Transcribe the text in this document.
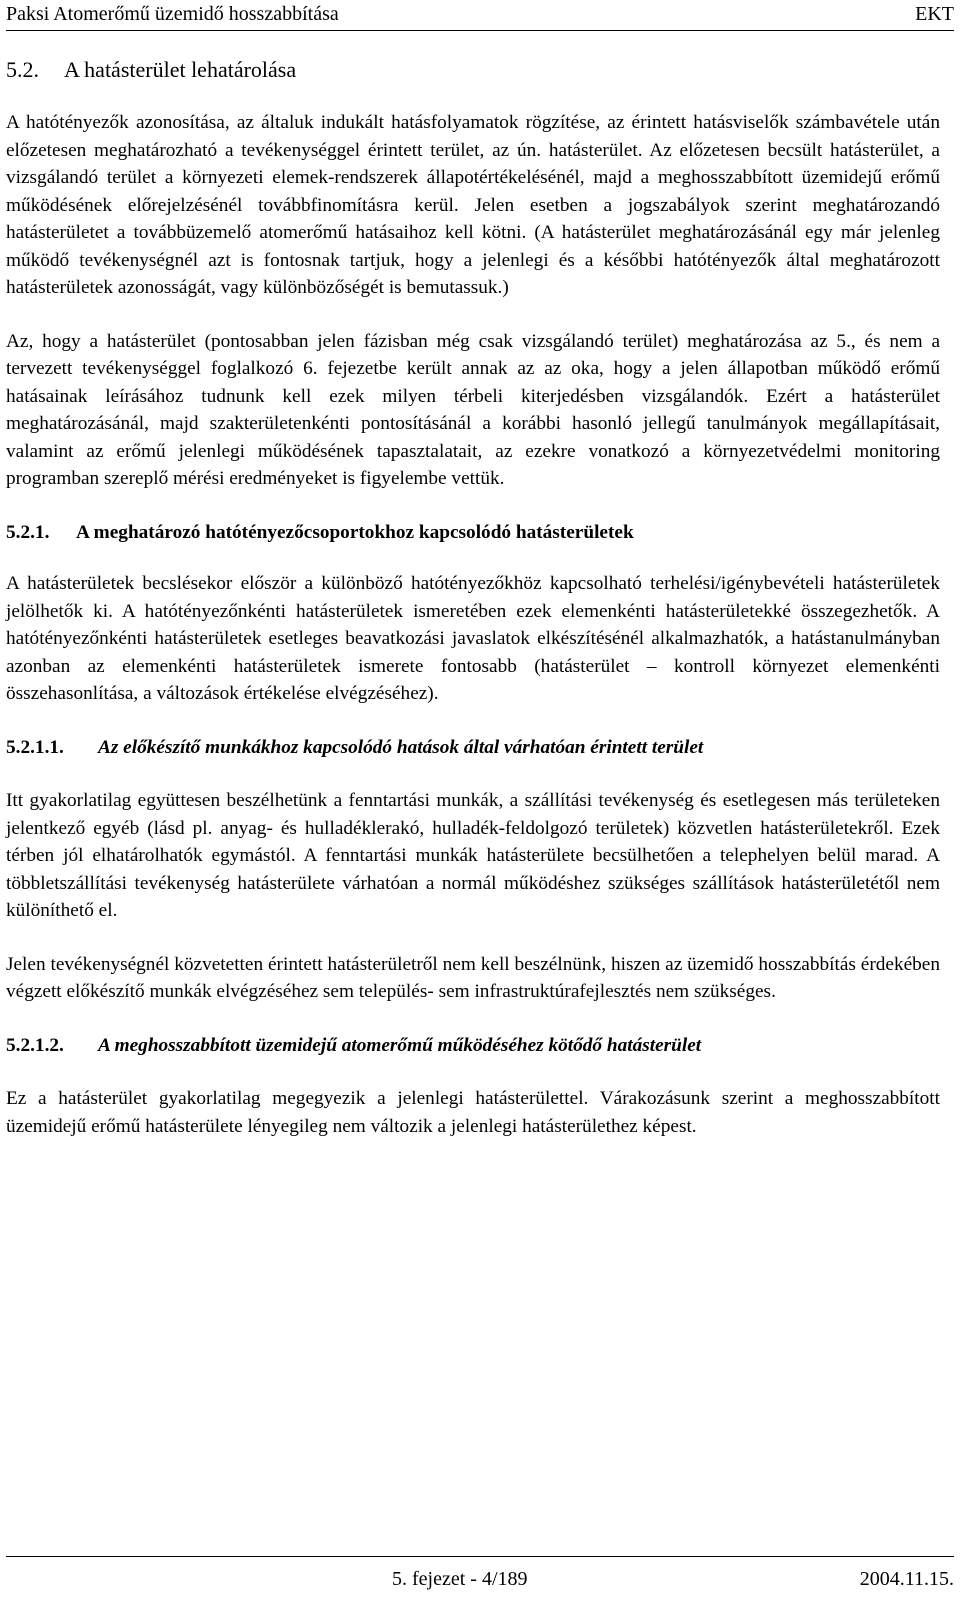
Paksi Atomerőmű üzemidő hosszabbítása	EKT
5.2. A hatásterület lehatárolása

A hatótényezők azonosítása, az általuk indukált hatásfolyamatok rögzítése, az érintett hatásviselők számbavétele után előzetesen meghatározható a tevékenységgel érintett terület, az ún. hatásterület. Az előzetesen becsült hatásterület, a vizsgálandó terület a környezeti elemek-rendszerek állapotértékelésénél, majd a meghosszabbított üzemidejű erőmű működésének előrejelzésénél továbbfinomításra kerül. Jelen esetben a jogszabályok szerint meghatározandó hatásterületet a továbbüzemelő atomerőmű hatásaihoz kell kötni. (A hatásterület meghatározásánál egy már jelenleg működő tevékenységnél azt is fontosnak tartjuk, hogy a jelenlegi és a későbbi hatótényezők által meghatározott hatásterületek azonosságát, vagy különbözőségét is bemutassuk.)

Az, hogy a hatásterület (pontosabban jelen fázisban még csak vizsgálandó terület) meghatározása az 5., és nem a tervezett tevékenységgel foglalkozó 6. fejezetbe került annak az az oka, hogy a jelen állapotban működő erőmű hatásainak leírásához tudnunk kell ezek milyen térbeli kiterjedésben vizsgálandók. Ezért a hatásterület meghatározásánál, majd szakterületenkénti pontosításánál a korábbi hasonló jellegű tanulmányok megállapításait, valamint az erőmű jelenlegi működésének tapasztalatait, az ezekre vonatkozó a környezetvédelmi monitoring programban szereplő mérési eredményeket is figyelembe vettük.

5.2.1. A meghatározó hatótényezőcsoportokhoz kapcsolódó hatásterületek

A hatásterületek becslésekor először a különböző hatótényezőkhöz kapcsolható terhelési/igénybevételi hatásterületek jelölhetők ki. A hatótényezőnkénti hatásterületek ismeretében ezek elemenkénti hatásterületekké összegezhetők. A hatótényezőnkénti hatásterületek esetleges beavatkozási javaslatok elkészítésénél alkalmazhatók, a hatástanulmányban azonban az elemenkénti hatásterületek ismerete fontosabb (hatásterület – kontroll környezet elemenkénti összehasonlítása, a változások értékelése elvégzéséhez).

5.2.1.1. Az előkészítő munkákhoz kapcsolódó hatások által várhatóan érintett terület

Itt gyakorlatilag együttesen beszélhetünk a fenntartási munkák, a szállítási tevékenység és esetlegesen más területeken jelentkező egyéb (lásd pl. anyag- és hulladéklerakó, hulladék-feldolgozó területek) közvetlen hatásterületekről. Ezek térben jól elhatárolhatók egymástól. A fenntartási munkák hatásterülete becsülhetően a telephelyen belül marad. A többletszállítási tevékenység hatásterülete várhatóan a normál működéshez szükséges szállítások hatásterületétől nem különíthető el.

Jelen tevékenységnél közvetetten érintett hatásterületről nem kell beszélnünk, hiszen az üzemidő hosszabbítás érdekében végzett előkészítő munkák elvégzéséhez sem település- sem infrastruktúrafejlesztés nem szükséges.

5.2.1.2. A meghosszabbított üzemidejű atomerőmű működéséhez kötődő hatásterület

Ez a hatásterület gyakorlatilag megegyezik a jelenlegi hatásterülettel. Várakozásunk szerint a meghosszabbított üzemidejű erőmű hatásterülete lényegileg nem változik a jelenlegi hatásterülethez képest.

5. fejezet - 4/189	2004.11.15.
